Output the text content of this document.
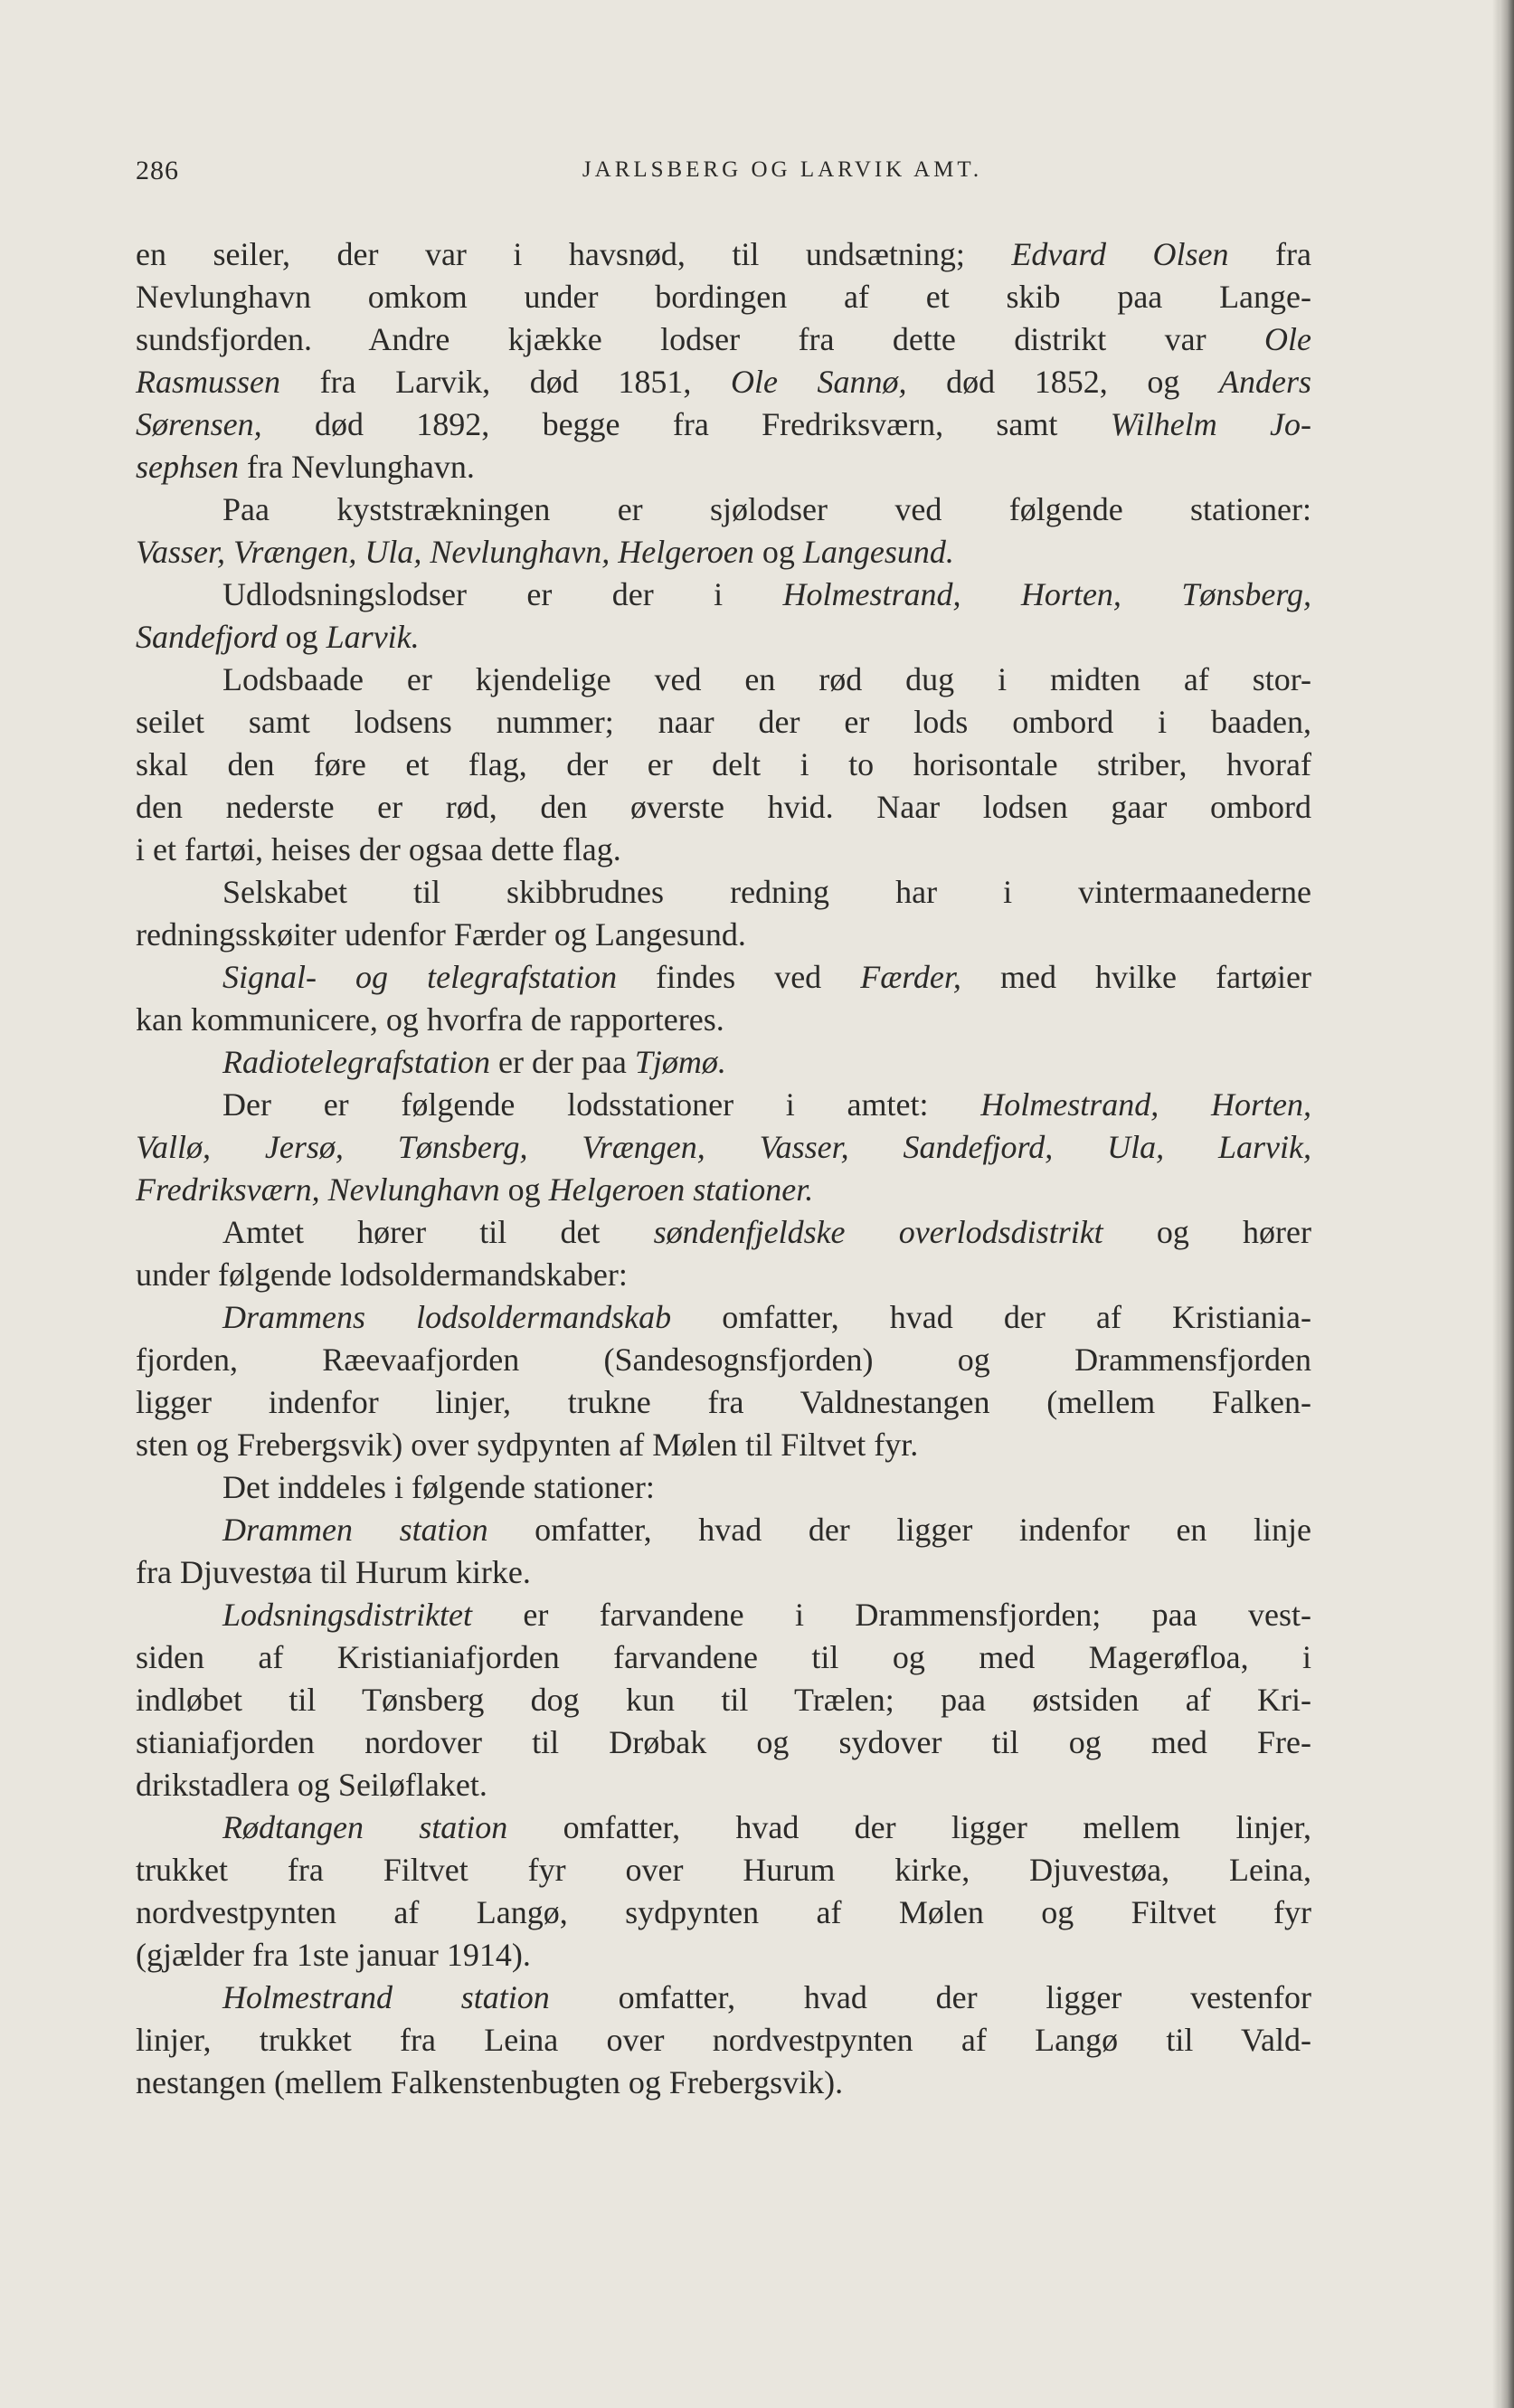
286	JARLSBERG OG LARVIK AMT.
en seiler, der var i havsnød, til undsætning; Edvard Olsen fra
Nevlunghavn omkom under bordingen af et skib paa Lange-
sundsfjorden. Andre kjække lodser fra dette distrikt var Ole
Rasmussen fra Larvik, død 1851, Ole Sannø, død 1852, og Anders
Sørensen, død 1892, begge fra Fredriksværn, samt Wilhelm Jo-
sephsen fra Nevlunghavn.
Paa kyststrækningen er sjølodser ved følgende stationer:
Vasser, Vrængen, Ula, Nevlunghavn, Helgeroen og Langesund.
Udlodsningslodser er der i Holmestrand, Horten, Tønsberg,
Sandefjord og Larvik.
Lodsbaade er kjendelige ved en rød dug i midten af stor-
seilet samt lodsens nummer; naar der er lods ombord i baaden,
skal den føre et flag, der er delt i to horisontale striber, hvoraf
den nederste er rød, den øverste hvid. Naar lodsen gaar ombord
i et fartøi, heises der ogsaa dette flag.
Selskabet til skibbrudnes redning har i vintermaanederne
redningsskøiter udenfor Færder og Langesund.
Signal- og telegrafstation findes ved Færder, med hvilke fartøier
kan kommunicere, og hvorfra de rapporteres.
Radiotelegrafstation er der paa Tjømø.
Der er følgende lodsstationer i amtet: Holmestrand, Horten,
Vallø, Jersø, Tønsberg, Vrængen, Vasser, Sandefjord, Ula, Larvik,
Fredriksværn, Nevlunghavn og Helgeroen stationer.
Amtet hører til det søndenfjeldske overlodsdistrikt og hører
under følgende lodsoldermandskaber:
Drammens lodsoldermandskab omfatter, hvad der af Kristiania-
fjorden, Ræevaafjorden (Sandesognsfjorden) og Drammensfjorden
ligger indenfor linjer, trukne fra Valdnestangen (mellem Falken-
sten og Frebergsvik) over sydpynten af Mølen til Filtvet fyr.
Det inddeles i følgende stationer:
Drammen station omfatter, hvad der ligger indenfor en linje
fra Djuvestøa til Hurum kirke.
Lodsningsdistriktet er farvandene i Drammensfjorden; paa vest-
siden af Kristianiafjorden farvandene til og med Magerøfloa, i
indløbet til Tønsberg dog kun til Trælen; paa østsiden af Kri-
stianiafjorden nordover til Drøbak og sydover til og med Fre-
drikstadlera og Seiløflaket.
Rødtangen station omfatter, hvad der ligger mellem linjer,
trukket fra Filtvet fyr over Hurum kirke, Djuvestøa, Leina,
nordvestpynten af Langø, sydpynten af Mølen og Filtvet fyr
(gjælder fra 1ste januar 1914).
Holmestrand station omfatter, hvad der ligger vestenfor
linjer, trukket fra Leina over nordvestpynten af Langø til Vald-
nestangen (mellem Falkenstenbugten og Frebergsvik).
